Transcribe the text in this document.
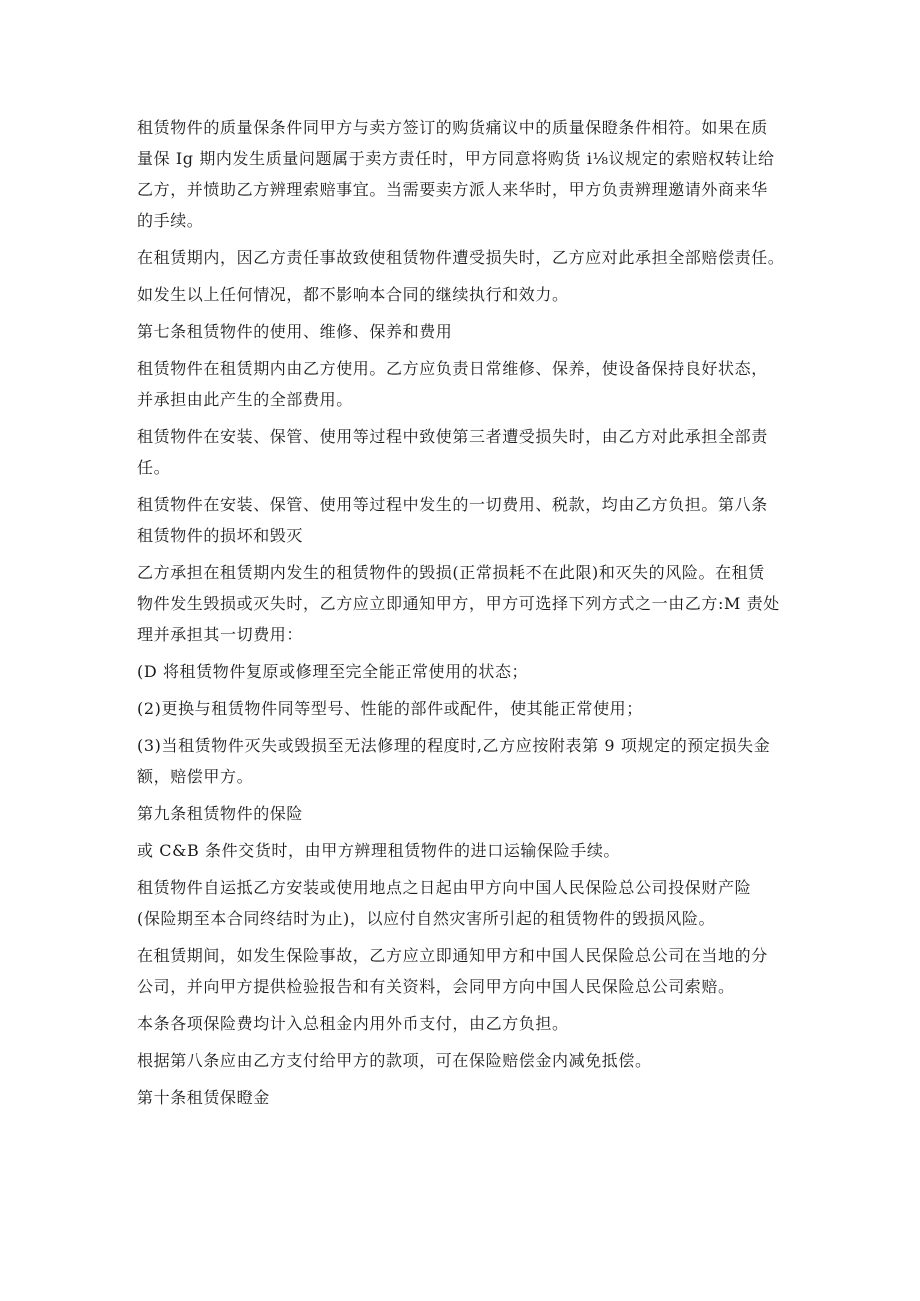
租赁物件的质量保条件同甲方与卖方签订的购货痛议中的质量保瞪条件相符。如果在质
量保 Ig 期内发生质量问题属于卖方责任时，甲方同意将购货 i⅛议规定的索赔权转让给
乙方，并愤助乙方辨理索赔事宜。当需要卖方派人来华时，甲方负责辨理邀请外商来华
的手续。

在租赁期内，因乙方责任事故致使租赁物件遭受损失时，乙方应对此承担全部赔偿责任。

如发生以上任何情况，都不影响本合同的继续执行和效力。

第七条租赁物件的使用、维修、保养和费用

租赁物件在租赁期内由乙方使用。乙方应负责日常维修、保养，使设备保持良好状态，
并承担由此产生的全部费用。

租赁物件在安装、保管、使用等过程中致使第三者遭受损失时，由乙方对此承担全部责
任。

租赁物件在安装、保管、使用等过程中发生的一切费用、税款，均由乙方负担。第八条
租赁物件的损坏和毁灭

乙方承担在租赁期内发生的租赁物件的毁损(正常损耗不在此限)和灭失的风险。在租赁
物件发生毁损或灭失时，乙方应立即通知甲方，甲方可选择下列方式之一由乙方:M 责处
理并承担其一切费用：

(D 将租赁物件复原或修理至完全能正常使用的状态；

(2)更换与租赁物件同等型号、性能的部件或配件，使其能正常使用；

(3)当租赁物件灭失或毁损至无法修理的程度时,乙方应按附表第 9 项规定的预定损失金
额，赔偿甲方。

第九条租赁物件的保险

或 C&B 条件交货时，由甲方辨理租赁物件的进口运输保险手续。

租赁物件自运抵乙方安装或使用地点之日起由甲方向中国人民保险总公司投保财产险
(保险期至本合同终结时为止)，以应付自然灾害所引起的租赁物件的毁损风险。

在租赁期间，如发生保险事故，乙方应立即通知甲方和中国人民保险总公司在当地的分
公司，并向甲方提供检验报告和有关资料，会同甲方向中国人民保险总公司索赔。

本条各项保险费均计入总租金内用外币支付，由乙方负担。

根据第八条应由乙方支付给甲方的款项，可在保险赔偿金内减免抵偿。

第十条租赁保瞪金
